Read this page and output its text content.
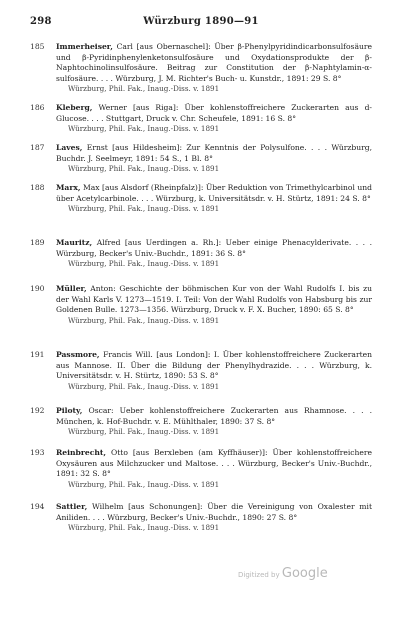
298	Würzburg 1890—91
185	Immerheiser, Carl [aus Obernaschel]: Über β-Phenylpyridindicarbonsulfosäure und β-Pyridinphenylenketonsulfosäure und Oxydationsprodukte der β-Naphtochinolinsulfosäure. Beitrag zur Constitution der β-Naphtylamin-α-sulfosäure. . . . Würzburg, J. M. Richter's Buch- u. Kunstdr., 1891: 29 S. 8°
Würzburg, Phil. Fak., Inaug.-Diss. v. 1891
186	Kleberg, Werner [aus Riga]: Über kohlenstoffreichere Zuckerarten aus d-Glucose. . . . Stuttgart, Druck v. Chr. Scheufele, 1891: 16 S. 8°
Würzburg, Phil. Fak., Inaug.-Diss. v. 1891
187	Laves, Ernst [aus Hildesheim]: Zur Kenntnis der Polysulfone. . . . Würzburg, Buchdr. J. Seelmeyr, 1891: 54 S., 1 Bl. 8°
Würzburg, Phil. Fak., Inaug.-Diss. v. 1891
188	Marx, Max [aus Alsdorf (Rheinpfalz)]: Über Reduktion von Trimethylcarbinol und über Acetylcarbinole. . . . Würzburg, k. Universitätsdr. v. H. Stürtz, 1891: 24 S. 8°
Würzburg, Phil. Fak., Inaug.-Diss. v. 1891
189	Mauritz, Alfred [aus Uerdingen a. Rh.]: Ueber einige Phenacylderivate. . . . Würzburg, Becker's Univ.-Buchdr., 1891: 36 S. 8°
Würzburg, Phil. Fak., Inaug.-Diss. v. 1891
190	Müller, Anton: Geschichte der böhmischen Kur von der Wahl Rudolfs I. bis zu der Wahl Karls V. 1273—1519. I. Teil: Von der Wahl Rudolfs von Habsburg bis zur Goldenen Bulle. 1273—1356. Würzburg, Druck v. F. X. Bucher, 1890: 65 S. 8°
Würzburg, Phil. Fak., Inaug.-Diss. v. 1891
191	Passmore, Francis Will. [aus London]: I. Über kohlenstoffreichere Zuckerarten aus Mannose. II. Über die Bildung der Phenylhydrazide. . . . Würzburg, k. Universitätsdr. v. H. Stürtz, 1890: 53 S. 8°
Würzburg, Phil. Fak., Inaug.-Diss. v. 1891
192	Piloty, Oscar: Ueber kohlenstoffreichere Zuckerarten aus Rhamnose. . . . München, k. Hof-Buchdr. v. E. Mühlthaler, 1890: 37 S. 8°
Würzburg, Phil. Fak., Inaug.-Diss. v. 1891
193	Reinbrecht, Otto [aus Berxleben (am Kyffhäuser)]: Über kohlenstoffreichere Oxysäuren aus Milchzucker und Maltose. . . . Würzburg, Becker's Univ.-Buchdr., 1891: 32 S. 8°
Würzburg, Phil. Fak., Inaug.-Diss. v. 1891
194	Sattler, Wilhelm [aus Schonungen]: Über die Vereinigung von Oxalester mit Aniliden. . . . Würzburg, Becker's Univ.-Buchdr., 1890: 27 S. 8°
Würzburg, Phil. Fak., Inaug.-Diss. v. 1891
Digitized by Google
